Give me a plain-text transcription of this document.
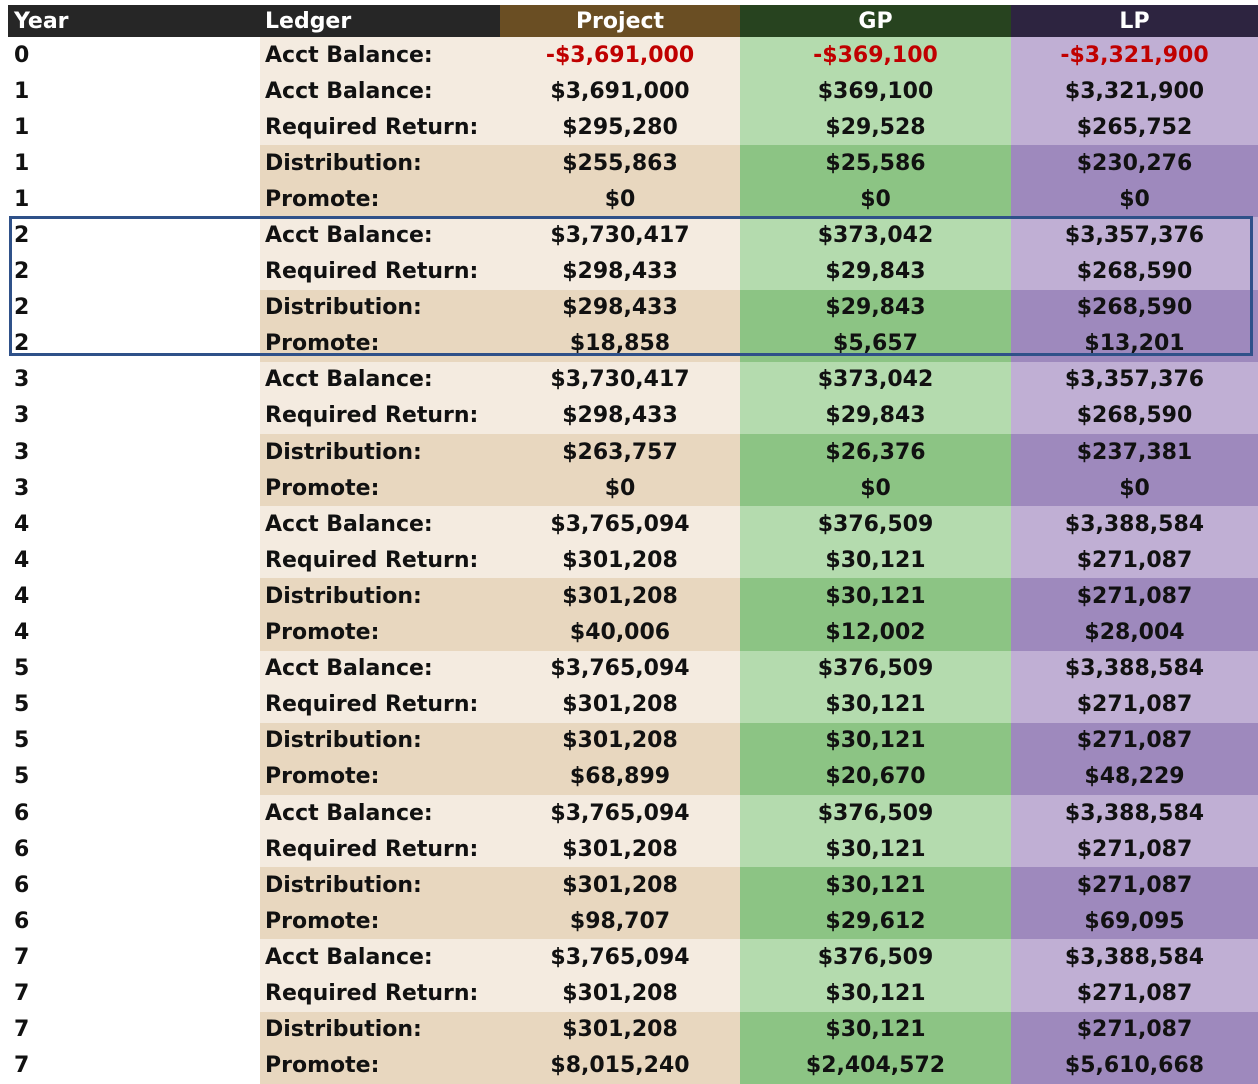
Year	Ledger	Project	GP	LP
0	Acct Balance:	-$3,691,000	-$369,100	-$3,321,900
1	Acct Balance:	$3,691,000	$369,100	$3,321,900
1	Required Return:	$295,280	$29,528	$265,752
1	Distribution:	$255,863	$25,586	$230,276
1	Promote:	$0	$0	$0
2	Acct Balance:	$3,730,417	$373,042	$3,357,376
2	Required Return:	$298,433	$29,843	$268,590
2	Distribution:	$298,433	$29,843	$268,590
2	Promote:	$18,858	$5,657	$13,201
3	Acct Balance:	$3,730,417	$373,042	$3,357,376
3	Required Return:	$298,433	$29,843	$268,590
3	Distribution:	$263,757	$26,376	$237,381
3	Promote:	$0	$0	$0
4	Acct Balance:	$3,765,094	$376,509	$3,388,584
4	Required Return:	$301,208	$30,121	$271,087
4	Distribution:	$301,208	$30,121	$271,087
4	Promote:	$40,006	$12,002	$28,004
5	Acct Balance:	$3,765,094	$376,509	$3,388,584
5	Required Return:	$301,208	$30,121	$271,087
5	Distribution:	$301,208	$30,121	$271,087
5	Promote:	$68,899	$20,670	$48,229
6	Acct Balance:	$3,765,094	$376,509	$3,388,584
6	Required Return:	$301,208	$30,121	$271,087
6	Distribution:	$301,208	$30,121	$271,087
6	Promote:	$98,707	$29,612	$69,095
7	Acct Balance:	$3,765,094	$376,509	$3,388,584
7	Required Return:	$301,208	$30,121	$271,087
7	Distribution:	$301,208	$30,121	$271,087
7	Promote:	$8,015,240	$2,404,572	$5,610,668
